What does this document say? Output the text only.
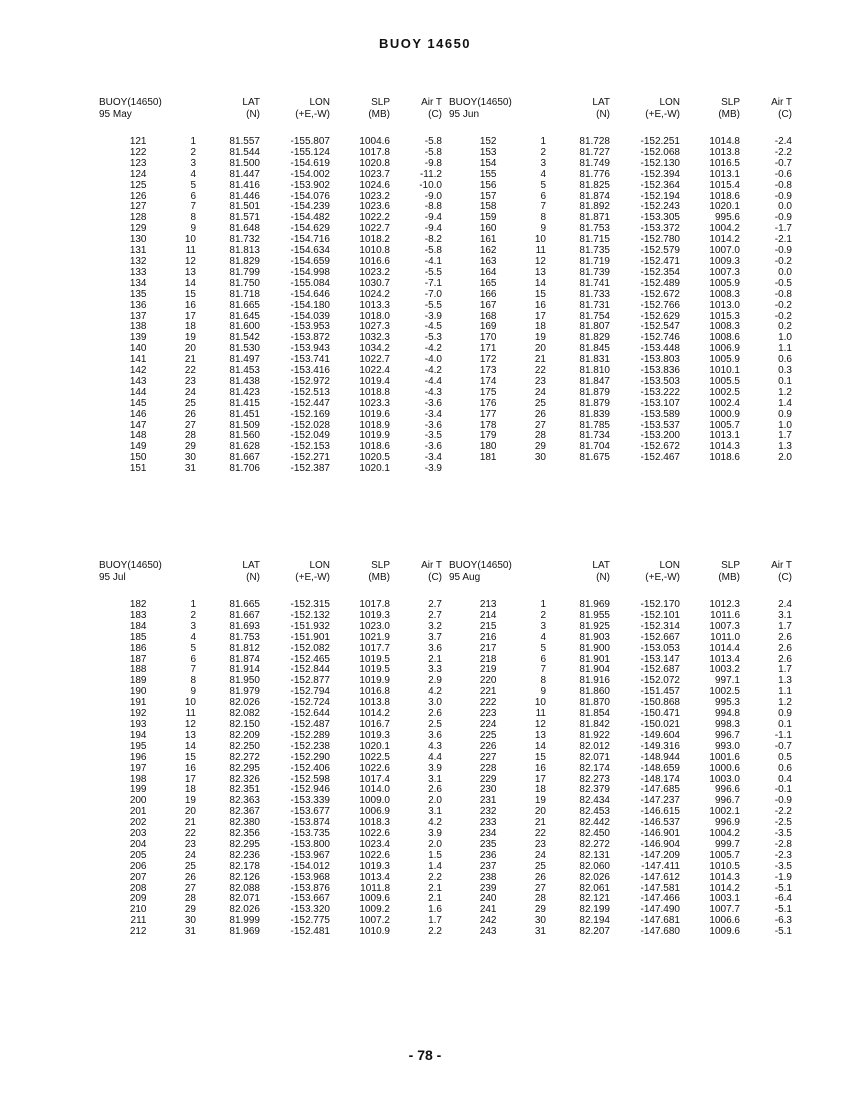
BUOY 14650
BUOY(14650)		LAT	LON	SLP	Air T
95 May		(N)	(+E,-W)	(MB)	(C)

121	1	81.557	-155.807	1004.6	-5.8
122	2	81.544	-155.124	1017.8	-5.8
123	3	81.500	-154.619	1020.8	-9.8
124	4	81.447	-154.002	1023.7	-11.2
125	5	81.416	-153.902	1024.6	-10.0
126	6	81.446	-154.076	1023.2	-9.0
127	7	81.501	-154.239	1023.6	-8.8
128	8	81.571	-154.482	1022.2	-9.4
129	9	81.648	-154.629	1022.7	-9.4
130	10	81.732	-154.716	1018.2	-8.2
131	11	81.813	-154.634	1010.8	-5.8
132	12	81.829	-154.659	1016.6	-4.1
133	13	81.799	-154.998	1023.2	-5.5
134	14	81.750	-155.084	1030.7	-7.1
135	15	81.718	-154.646	1024.2	-7.0
136	16	81.665	-154.180	1013.3	-5.5
137	17	81.645	-154.039	1018.0	-3.9
138	18	81.600	-153.953	1027.3	-4.5
139	19	81.542	-153.872	1032.3	-5.3
140	20	81.530	-153.943	1034.2	-4.2
141	21	81.497	-153.741	1022.7	-4.0
142	22	81.453	-153.416	1022.4	-4.2
143	23	81.438	-152.972	1019.4	-4.4
144	24	81.423	-152.513	1018.8	-4.3
145	25	81.415	-152.447	1023.3	-3.6
146	26	81.451	-152.169	1019.6	-3.4
147	27	81.509	-152.028	1018.9	-3.6
148	28	81.560	-152.049	1019.9	-3.5
149	29	81.628	-152.153	1018.6	-3.6
150	30	81.667	-152.271	1020.5	-3.4
151	31	81.706	-152.387	1020.1	-3.9
BUOY(14650)		LAT	LON	SLP	Air T
95 Jun		(N)	(+E,-W)	(MB)	(C)

152	1	81.728	-152.251	1014.8	-2.4
153	2	81.727	-152.068	1013.8	-2.2
154	3	81.749	-152.130	1016.5	-0.7
155	4	81.776	-152.394	1013.1	-0.6
156	5	81.825	-152.364	1015.4	-0.8
157	6	81.874	-152.194	1018.6	-0.9
158	7	81.892	-152.243	1020.1	0.0
159	8	81.871	-153.305	995.6	-0.9
160	9	81.753	-153.372	1004.2	-1.7
161	10	81.715	-152.780	1014.2	-2.1
162	11	81.735	-152.579	1007.0	-0.9
163	12	81.719	-152.471	1009.3	-0.2
164	13	81.739	-152.354	1007.3	0.0
165	14	81.741	-152.489	1005.9	-0.5
166	15	81.733	-152.672	1008.3	-0.8
167	16	81.731	-152.766	1013.0	-0.2
168	17	81.754	-152.629	1015.3	-0.2
169	18	81.807	-152.547	1008.3	0.2
170	19	81.829	-152.746	1008.6	1.0
171	20	81.845	-153.448	1006.9	1.1
172	21	81.831	-153.803	1005.9	0.6
173	22	81.810	-153.836	1010.1	0.3
174	23	81.847	-153.503	1005.5	0.1
175	24	81.879	-153.222	1002.5	1.2
176	25	81.879	-153.107	1002.4	1.4
177	26	81.839	-153.589	1000.9	0.9
178	27	81.785	-153.537	1005.7	1.0
179	28	81.734	-153.200	1013.1	1.7
180	29	81.704	-152.672	1014.3	1.3
181	30	81.675	-152.467	1018.6	2.0
BUOY(14650)		LAT	LON	SLP	Air T
95 Jul		(N)	(+E,-W)	(MB)	(C)

182	1	81.665	-152.315	1017.8	2.7
183	2	81.667	-152.132	1019.3	2.7
184	3	81.693	-151.932	1023.0	3.2
185	4	81.753	-151.901	1021.9	3.7
186	5	81.812	-152.082	1017.7	3.6
187	6	81.874	-152.465	1019.5	2.1
188	7	81.914	-152.844	1019.5	3.3
189	8	81.950	-152.877	1019.9	2.9
190	9	81.979	-152.794	1016.8	4.2
191	10	82.026	-152.724	1013.8	3.0
192	11	82.082	-152.644	1014.2	2.6
193	12	82.150	-152.487	1016.7	2.5
194	13	82.209	-152.289	1019.3	3.6
195	14	82.250	-152.238	1020.1	4.3
196	15	82.272	-152.290	1022.5	4.4
197	16	82.295	-152.406	1022.6	3.9
198	17	82.326	-152.598	1017.4	3.1
199	18	82.351	-152.946	1014.0	2.6
200	19	82.363	-153.339	1009.0	2.0
201	20	82.367	-153.677	1006.9	3.1
202	21	82.380	-153.874	1018.3	4.2
203	22	82.356	-153.735	1022.6	3.9
204	23	82.295	-153.800	1023.4	2.0
205	24	82.236	-153.967	1022.6	1.5
206	25	82.178	-154.012	1019.3	1.4
207	26	82.126	-153.968	1013.4	2.2
208	27	82.088	-153.876	1011.8	2.1
209	28	82.071	-153.667	1009.6	2.1
210	29	82.026	-153.320	1009.2	1.6
211	30	81.999	-152.775	1007.2	1.7
212	31	81.969	-152.481	1010.9	2.2
BUOY(14650)		LAT	LON	SLP	Air T
95 Aug		(N)	(+E,-W)	(MB)	(C)

213	1	81.969	-152.170	1012.3	2.4
214	2	81.955	-152.101	1011.6	3.1
215	3	81.925	-152.314	1007.3	1.7
216	4	81.903	-152.667	1011.0	2.6
217	5	81.900	-153.053	1014.4	2.6
218	6	81.901	-153.147	1013.4	2.6
219	7	81.904	-152.687	1003.2	1.7
220	8	81.916	-152.072	997.1	1.3
221	9	81.860	-151.457	1002.5	1.1
222	10	81.870	-150.868	995.3	1.2
223	11	81.854	-150.471	994.8	0.9
224	12	81.842	-150.021	998.3	0.1
225	13	81.922	-149.604	996.7	-1.1
226	14	82.012	-149.316	993.0	-0.7
227	15	82.071	-148.944	1001.6	0.5
228	16	82.174	-148.659	1000.6	0.6
229	17	82.273	-148.174	1003.0	0.4
230	18	82.379	-147.685	996.6	-0.1
231	19	82.434	-147.237	996.7	-0.9
232	20	82.453	-146.615	1002.1	-2.2
233	21	82.442	-146.537	996.9	-2.5
234	22	82.450	-146.901	1004.2	-3.5
235	23	82.272	-146.904	999.7	-2.8
236	24	82.131	-147.209	1005.7	-2.3
237	25	82.060	-147.411	1010.5	-3.5
238	26	82.026	-147.612	1014.3	-1.9
239	27	82.061	-147.581	1014.2	-5.1
240	28	82.121	-147.466	1003.1	-6.4
241	29	82.199	-147.490	1007.7	-5.1
242	30	82.194	-147.681	1006.6	-6.3
243	31	82.207	-147.680	1009.6	-5.1
- 78 -
